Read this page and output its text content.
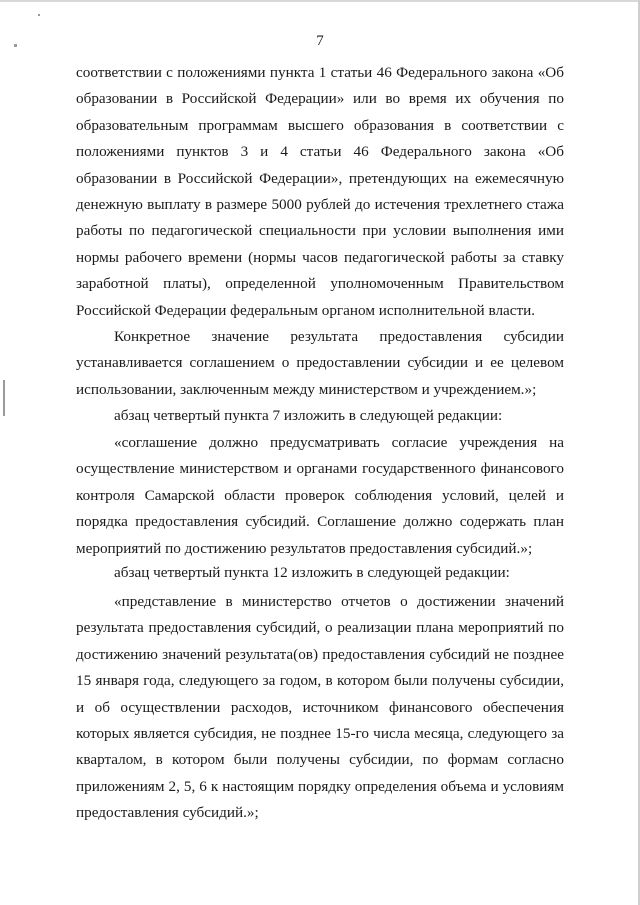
7
соответствии с положениями пункта 1 статьи 46 Федерального закона «Об
образовании в Российской Федерации» или во время их обучения по
образовательным программам высшего образования в соответствии с
положениями пунктов 3 и 4 статьи 46 Федерального закона «Об
образовании в Российской Федерации», претендующих на ежемесячную
денежную выплату в размере 5000 рублей до истечения трехлетнего стажа
работы по педагогической специальности при условии выполнения ими
нормы рабочего времени (нормы часов педагогической работы за ставку
заработной платы), определенной уполномоченным Правительством
Российской Федерации федеральным органом исполнительной власти.
Конкретное значение результата предоставления субсидии
устанавливается соглашением о предоставлении субсидии и ее целевом
использовании, заключенным между министерством и учреждением.»;
абзац четвертый пункта 7 изложить в следующей редакции:
«соглашение должно предусматривать согласие учреждения на
осуществление министерством и органами государственного финансового
контроля Самарской области проверок соблюдения условий, целей и
порядка предоставления субсидий. Соглашение должно содержать план
мероприятий по достижению результатов предоставления субсидий.»;
абзац четвертый пункта 12 изложить в следующей редакции:
«представление в министерство отчетов о достижении значений
результата предоставления субсидий, о реализации плана мероприятий по
достижению значений результата(ов) предоставления субсидий не позднее
15 января года, следующего за годом, в котором были получены субсидии,
и об осуществлении расходов, источником финансового обеспечения
которых является субсидия, не позднее 15-го числа месяца, следующего за
кварталом, в котором были получены субсидии, по формам согласно
приложениям 2, 5, 6 к настоящим порядку определения объема и условиям
предоставления субсидий.»;
